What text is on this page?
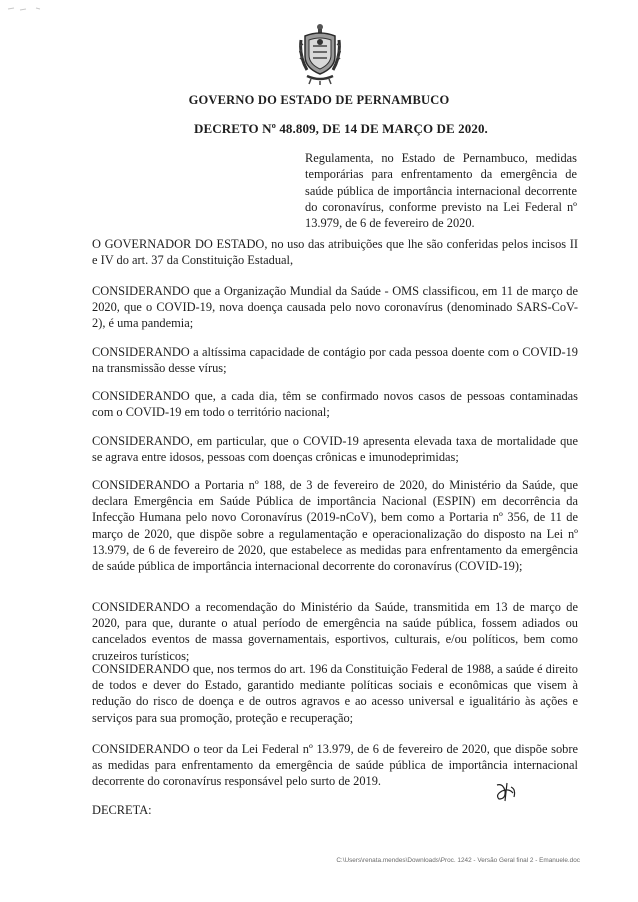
GOVERNO DO ESTADO DE PERNAMBUCO
DECRETO Nº 48.809, DE 14 DE MARÇO DE 2020.
Regulamenta, no Estado de Pernambuco, medidas temporárias para enfrentamento da emergência de saúde pública de importância internacional decorrente do coronavírus, conforme previsto na Lei Federal nº 13.979, de 6 de fevereiro de 2020.
O GOVERNADOR DO ESTADO, no uso das atribuições que lhe são conferidas pelos incisos II e IV do art. 37 da Constituição Estadual,
CONSIDERANDO que a Organização Mundial da Saúde - OMS classificou, em 11 de março de 2020, que o COVID-19, nova doença causada pelo novo coronavírus (denominado SARS-CoV-2), é uma pandemia;
CONSIDERANDO a altíssima capacidade de contágio por cada pessoa doente com o COVID-19 na transmissão desse vírus;
CONSIDERANDO que, a cada dia, têm se confirmado novos casos de pessoas contaminadas com o COVID-19 em todo o território nacional;
CONSIDERANDO, em particular, que o COVID-19 apresenta elevada taxa de mortalidade que se agrava entre idosos, pessoas com doenças crônicas e imunodeprimidas;
CONSIDERANDO a Portaria nº 188, de 3 de fevereiro de 2020, do Ministério da Saúde, que declara Emergência em Saúde Pública de importância Nacional (ESPIN) em decorrência da Infecção Humana pelo novo Coronavírus (2019-nCoV), bem como a Portaria nº 356, de 11 de março de 2020, que dispõe sobre a regulamentação e operacionalização do disposto na Lei nº 13.979, de 6 de fevereiro de 2020, que estabelece as medidas para enfrentamento da emergência de saúde pública de importância internacional decorrente do coronavírus (COVID-19);
CONSIDERANDO a recomendação do Ministério da Saúde, transmitida em 13 de março de 2020, para que, durante o atual período de emergência na saúde pública, fossem adiados ou cancelados eventos de massa governamentais, esportivos, culturais, e/ou políticos, bem como cruzeiros turísticos;
CONSIDERANDO que, nos termos do art. 196 da Constituição Federal de 1988, a saúde é direito de todos e dever do Estado, garantido mediante políticas sociais e econômicas que visem à redução do risco de doença e de outros agravos e ao acesso universal e igualitário às ações e serviços para sua promoção, proteção e recuperação;
CONSIDERANDO o teor da Lei Federal nº 13.979, de 6 de fevereiro de 2020, que dispõe sobre as medidas para enfrentamento da emergência de saúde pública de importância internacional decorrente do coronavírus responsável pelo surto de 2019.
DECRETA:
C:\Users\renata.mendes\Downloads\Proc. 1242 - Versão Geral final 2 - Emanuele.doc
